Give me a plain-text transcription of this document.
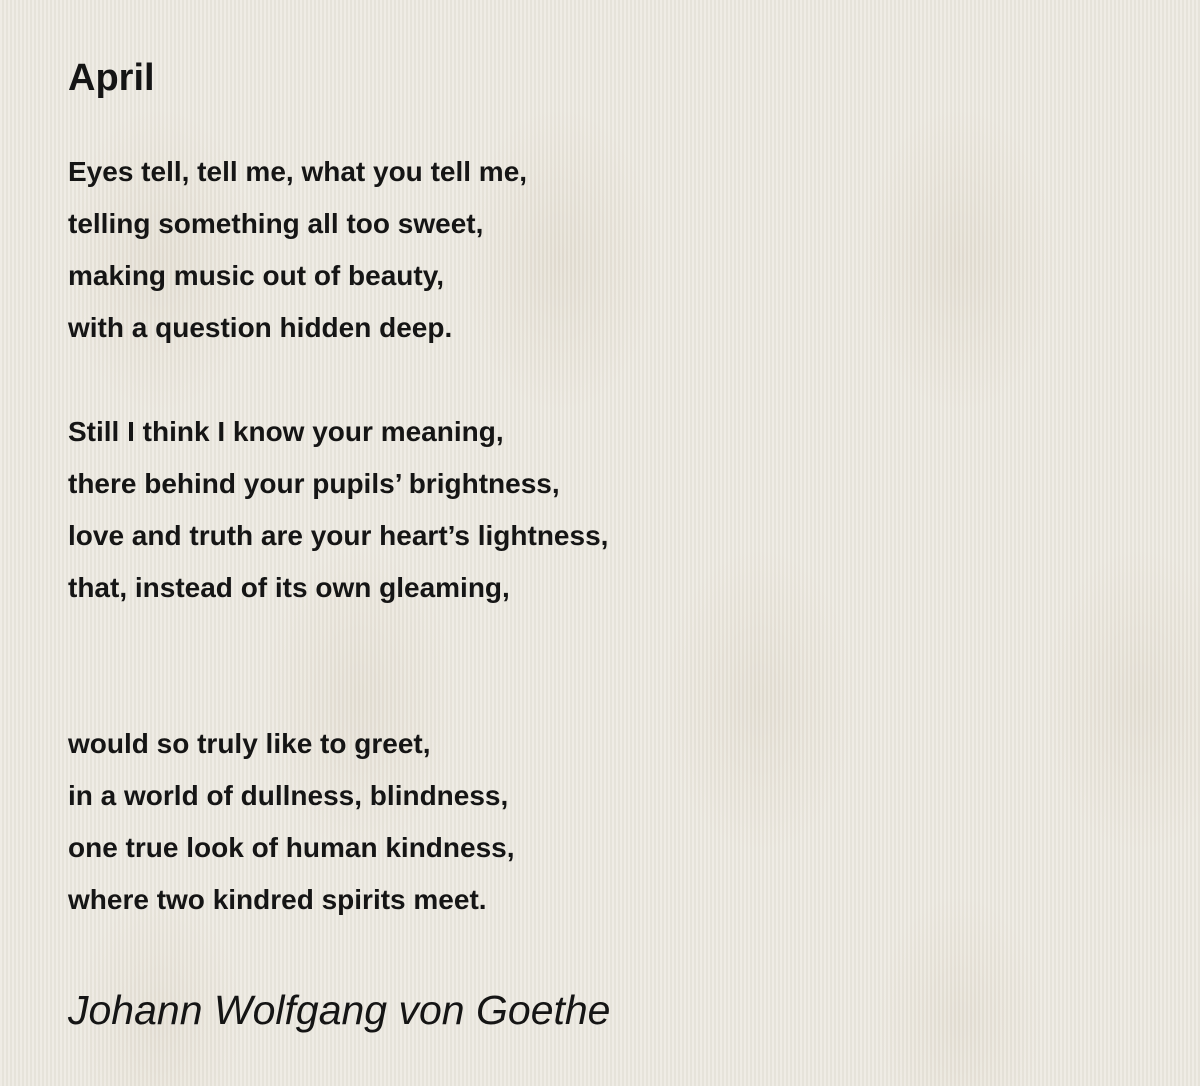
April
Eyes tell, tell me, what you tell me,
telling something all too sweet,
making music out of beauty,
with a question hidden deep.
Still I think I know your meaning,
there behind your pupils’ brightness,
love and truth are your heart’s lightness,
that, instead of its own gleaming,
would so truly like to greet,
in a world of dullness, blindness,
one true look of human kindness,
where two kindred spirits meet.
Johann Wolfgang von Goethe
